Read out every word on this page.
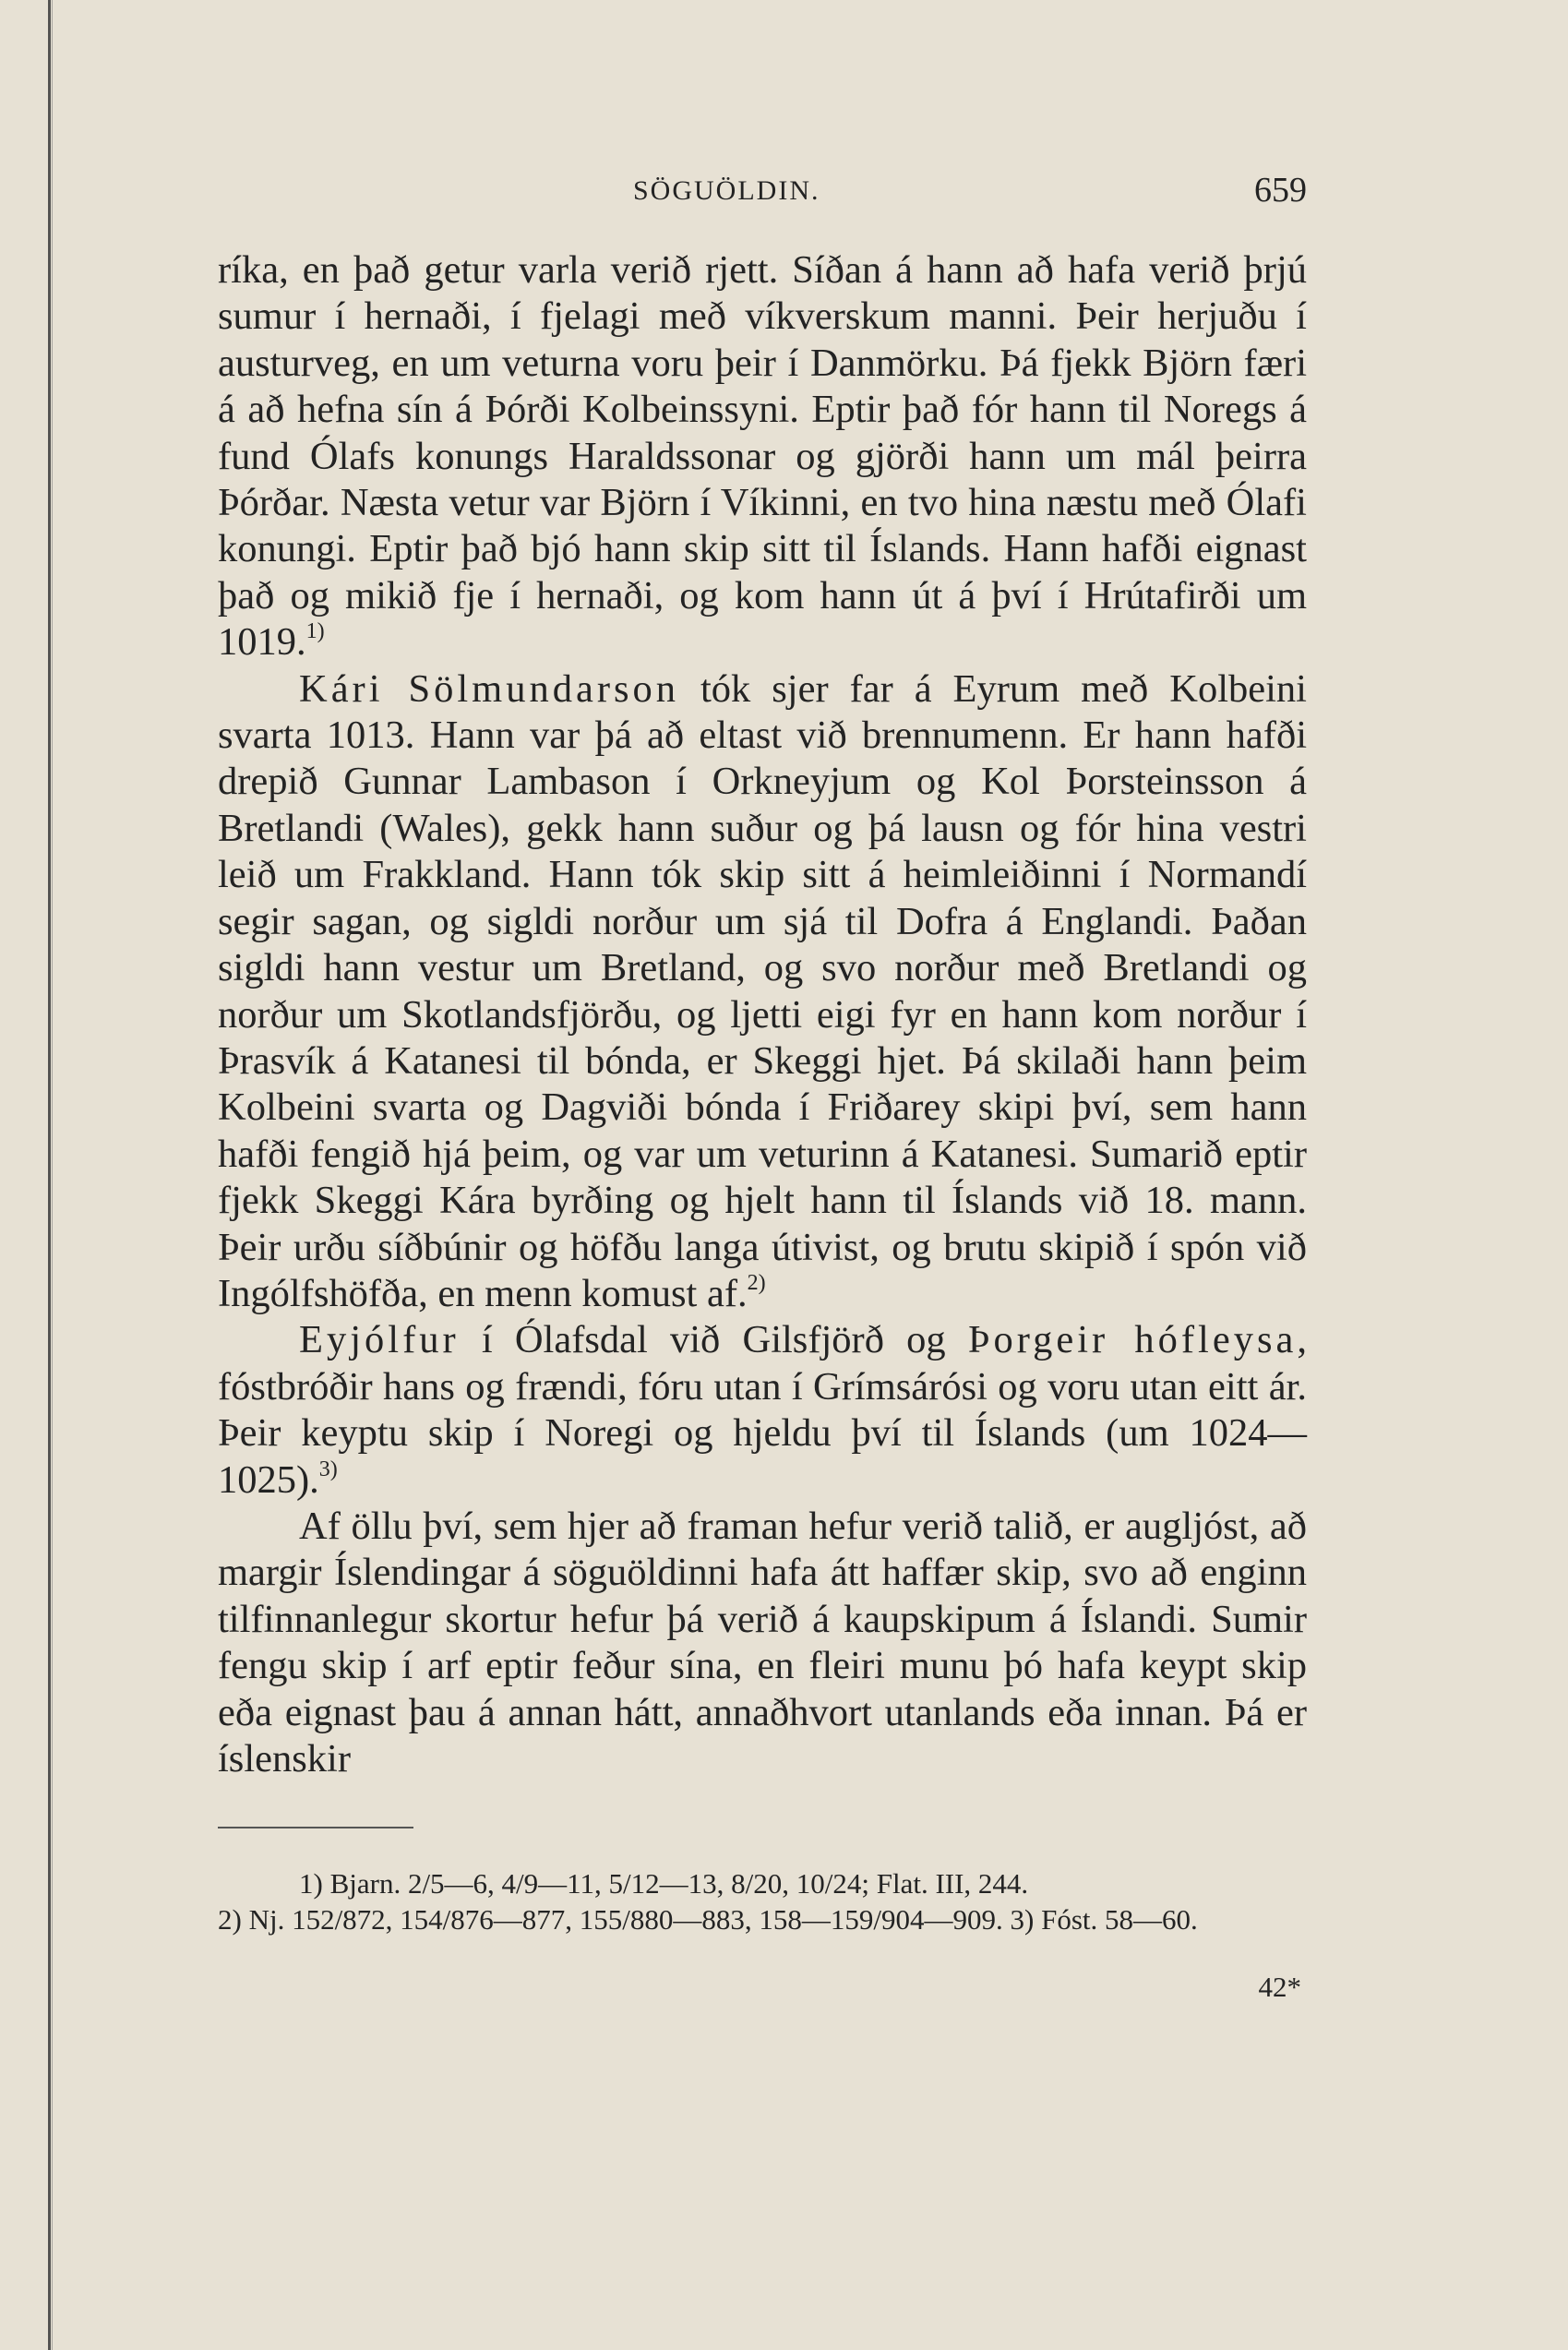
SÖGUÖLDIN.	659

ríka, en það getur varla verið rjett. Síðan á hann að hafa verið þrjú sumur í hernaði, í fjelagi með víkverskum manni. Þeir herjuðu í austurveg, en um veturna voru þeir í Danmörku. Þá fjekk Björn færi á að hefna sín á Þórði Kolbeinssyni. Eptir það fór hann til Noregs á fund Ólafs konungs Haraldssonar og gjörði hann um mál þeirra Þórðar. Næsta vetur var Björn í Víkinni, en tvo hina næstu með Ólafi konungi. Eptir það bjó hann skip sitt til Íslands. Hann hafði eignast það og mikið fje í hernaði, og kom hann út á því í Hrútafirði um 1019.$^{1)}$

Kári Sölmundarson tók sjer far á Eyrum með Kolbeini svarta 1013. Hann var þá að eltast við brennumenn. Er hann hafði drepið Gunnar Lambason í Orkneyjum og Kol Þorsteinsson á Bretlandi (Wales), gekk hann suður og þá lausn og fór hina vestri leið um Frakkland. Hann tók skip sitt á heimleiðinni í Normandí segir sagan, og sigldi norður um sjá til Dofra á Englandi. Þaðan sigldi hann vestur um Bretland, og svo norður með Bretlandi og norður um Skotlandsfjörðu, og ljetti eigi fyr en hann kom norður í Þrasvík á Katanesi til bónda, er Skeggi hjet. Þá skilaði hann þeim Kolbeini svarta og Dagviði bónda í Friðarey skipi því, sem hann hafði fengið hjá þeim, og var um veturinn á Katanesi. Sumarið eptir fjekk Skeggi Kára byrðing og hjelt hann til Íslands við 18. mann. Þeir urðu síðbúnir og höfðu langa útivist, og brutu skipið í spón við Ingólfshöfða, en menn komust af.$^{2)}$

Eyjólfur í Ólafsdal við Gilsfjörð og Þorgeir hófleysa, fóstbróðir hans og frændi, fóru utan í Grímsárósi og voru utan eitt ár. Þeir keyptu skip í Noregi og hjeldu því til Íslands (um 1024—1025).$^{3)}$

Af öllu því, sem hjer að framan hefur verið talið, er augljóst, að margir Íslendingar á söguöldinni hafa átt haffær skip, svo að enginn tilfinnanlegur skortur hefur þá verið á kaupskipum á Íslandi. Sumir fengu skip í arf eptir feður sína, en fleiri munu þó hafa keypt skip eða eignast þau á annan hátt, annaðhvort utanlands eða innan. Þá er íslenskir

1) Bjarn. 2/5—6, 4/9—11, 5/12—13, 8/20, 10/24; Flat. III, 244.

2) Nj. 152/872, 154/876—877, 155/880—883, 158—159/904—909. 3) Fóst. 58—60.

42*
